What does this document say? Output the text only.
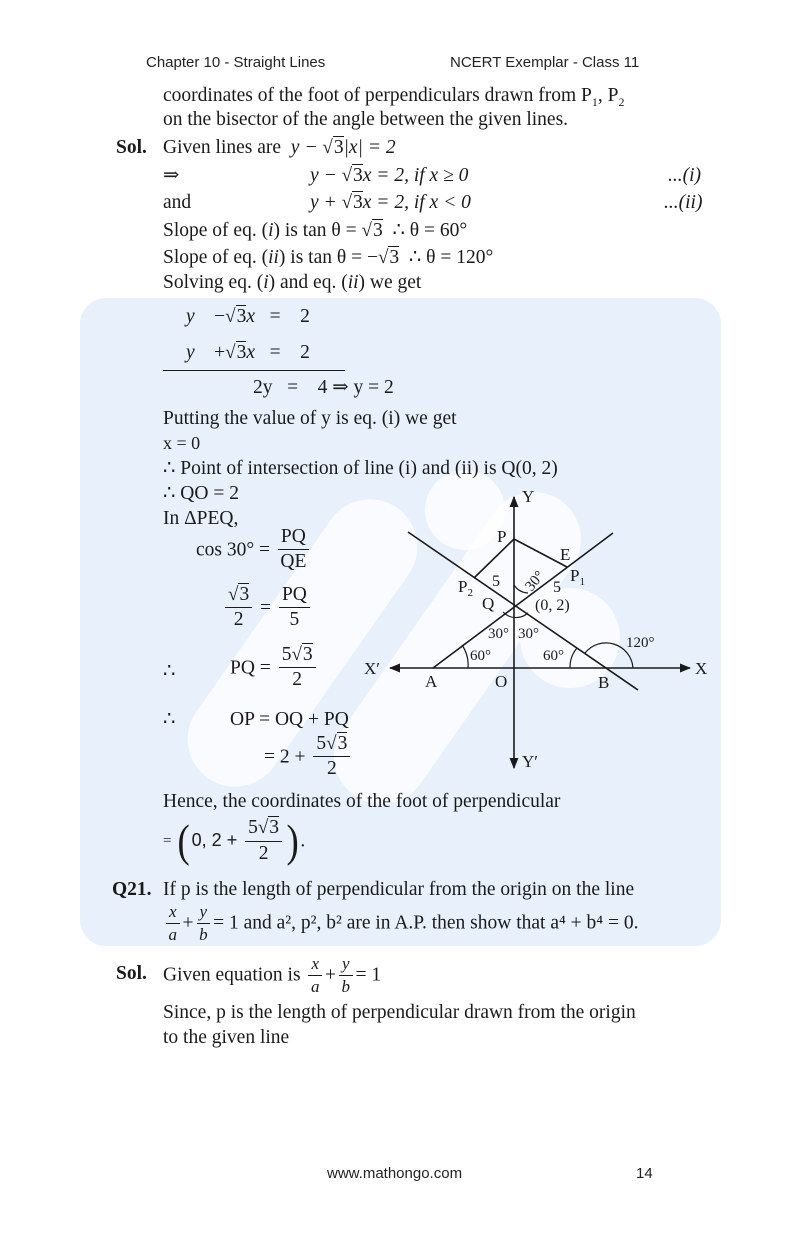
Chapter 10 - Straight Lines	NCERT Exemplar - Class 11
coordinates of the foot of perpendiculars drawn from $P_1$, $P_2$
on the bisector of the angle between the given lines.
Sol. Given lines are y − √3|x| = 2
⇒	y − √3x = 2, if x ≥ 0	...(i)
and	y + √3x = 2, if x < 0	...(ii)
Slope of eq. (i) is tan θ = √3 ∴ θ = 60°
Slope of eq. (ii) is tan θ = −√3 ∴ θ = 120°
Solving eq. (i) and eq. (ii) we get
y −√3x = 2
y +√3x = 2
2y = 4 ⇒ y = 2
Putting the value of y is eq. (i) we get
x = 0
∴ Point of intersection of line (i) and (ii) is Q(0, 2)
∴ QO = 2
In ΔPEQ,
$\cos 30^\circ = \frac{PQ}{QE}$
$\frac{√3}{2} = \frac{PQ}{5}$
∴	PQ = $\frac{5√3}{2}$
∴	OP = OQ + PQ
= $2 + \frac{5√3}{2}$
Hence, the coordinates of the foot of perpendicular
= (0, $2 + \frac{5√3}{2}$ ).
Y
Y′
X
X′
P
E
$P_1$
$P_2$
Q
5	5
(0, 2)
30°
30° 30°
60°	60°
120°
A	O	B
Q21. If p is the length of perpendicular from the origin on the line
$\frac{x}{a} + \frac{y}{b} = 1$ and a², p², b² are in A.P. then show that a⁴ + b⁴ = 0.
Sol. Given equation is $\frac{x}{a} + \frac{y}{b} = 1$
Since, p is the length of perpendicular drawn from the origin
to the given line
www.mathongo.com	14
